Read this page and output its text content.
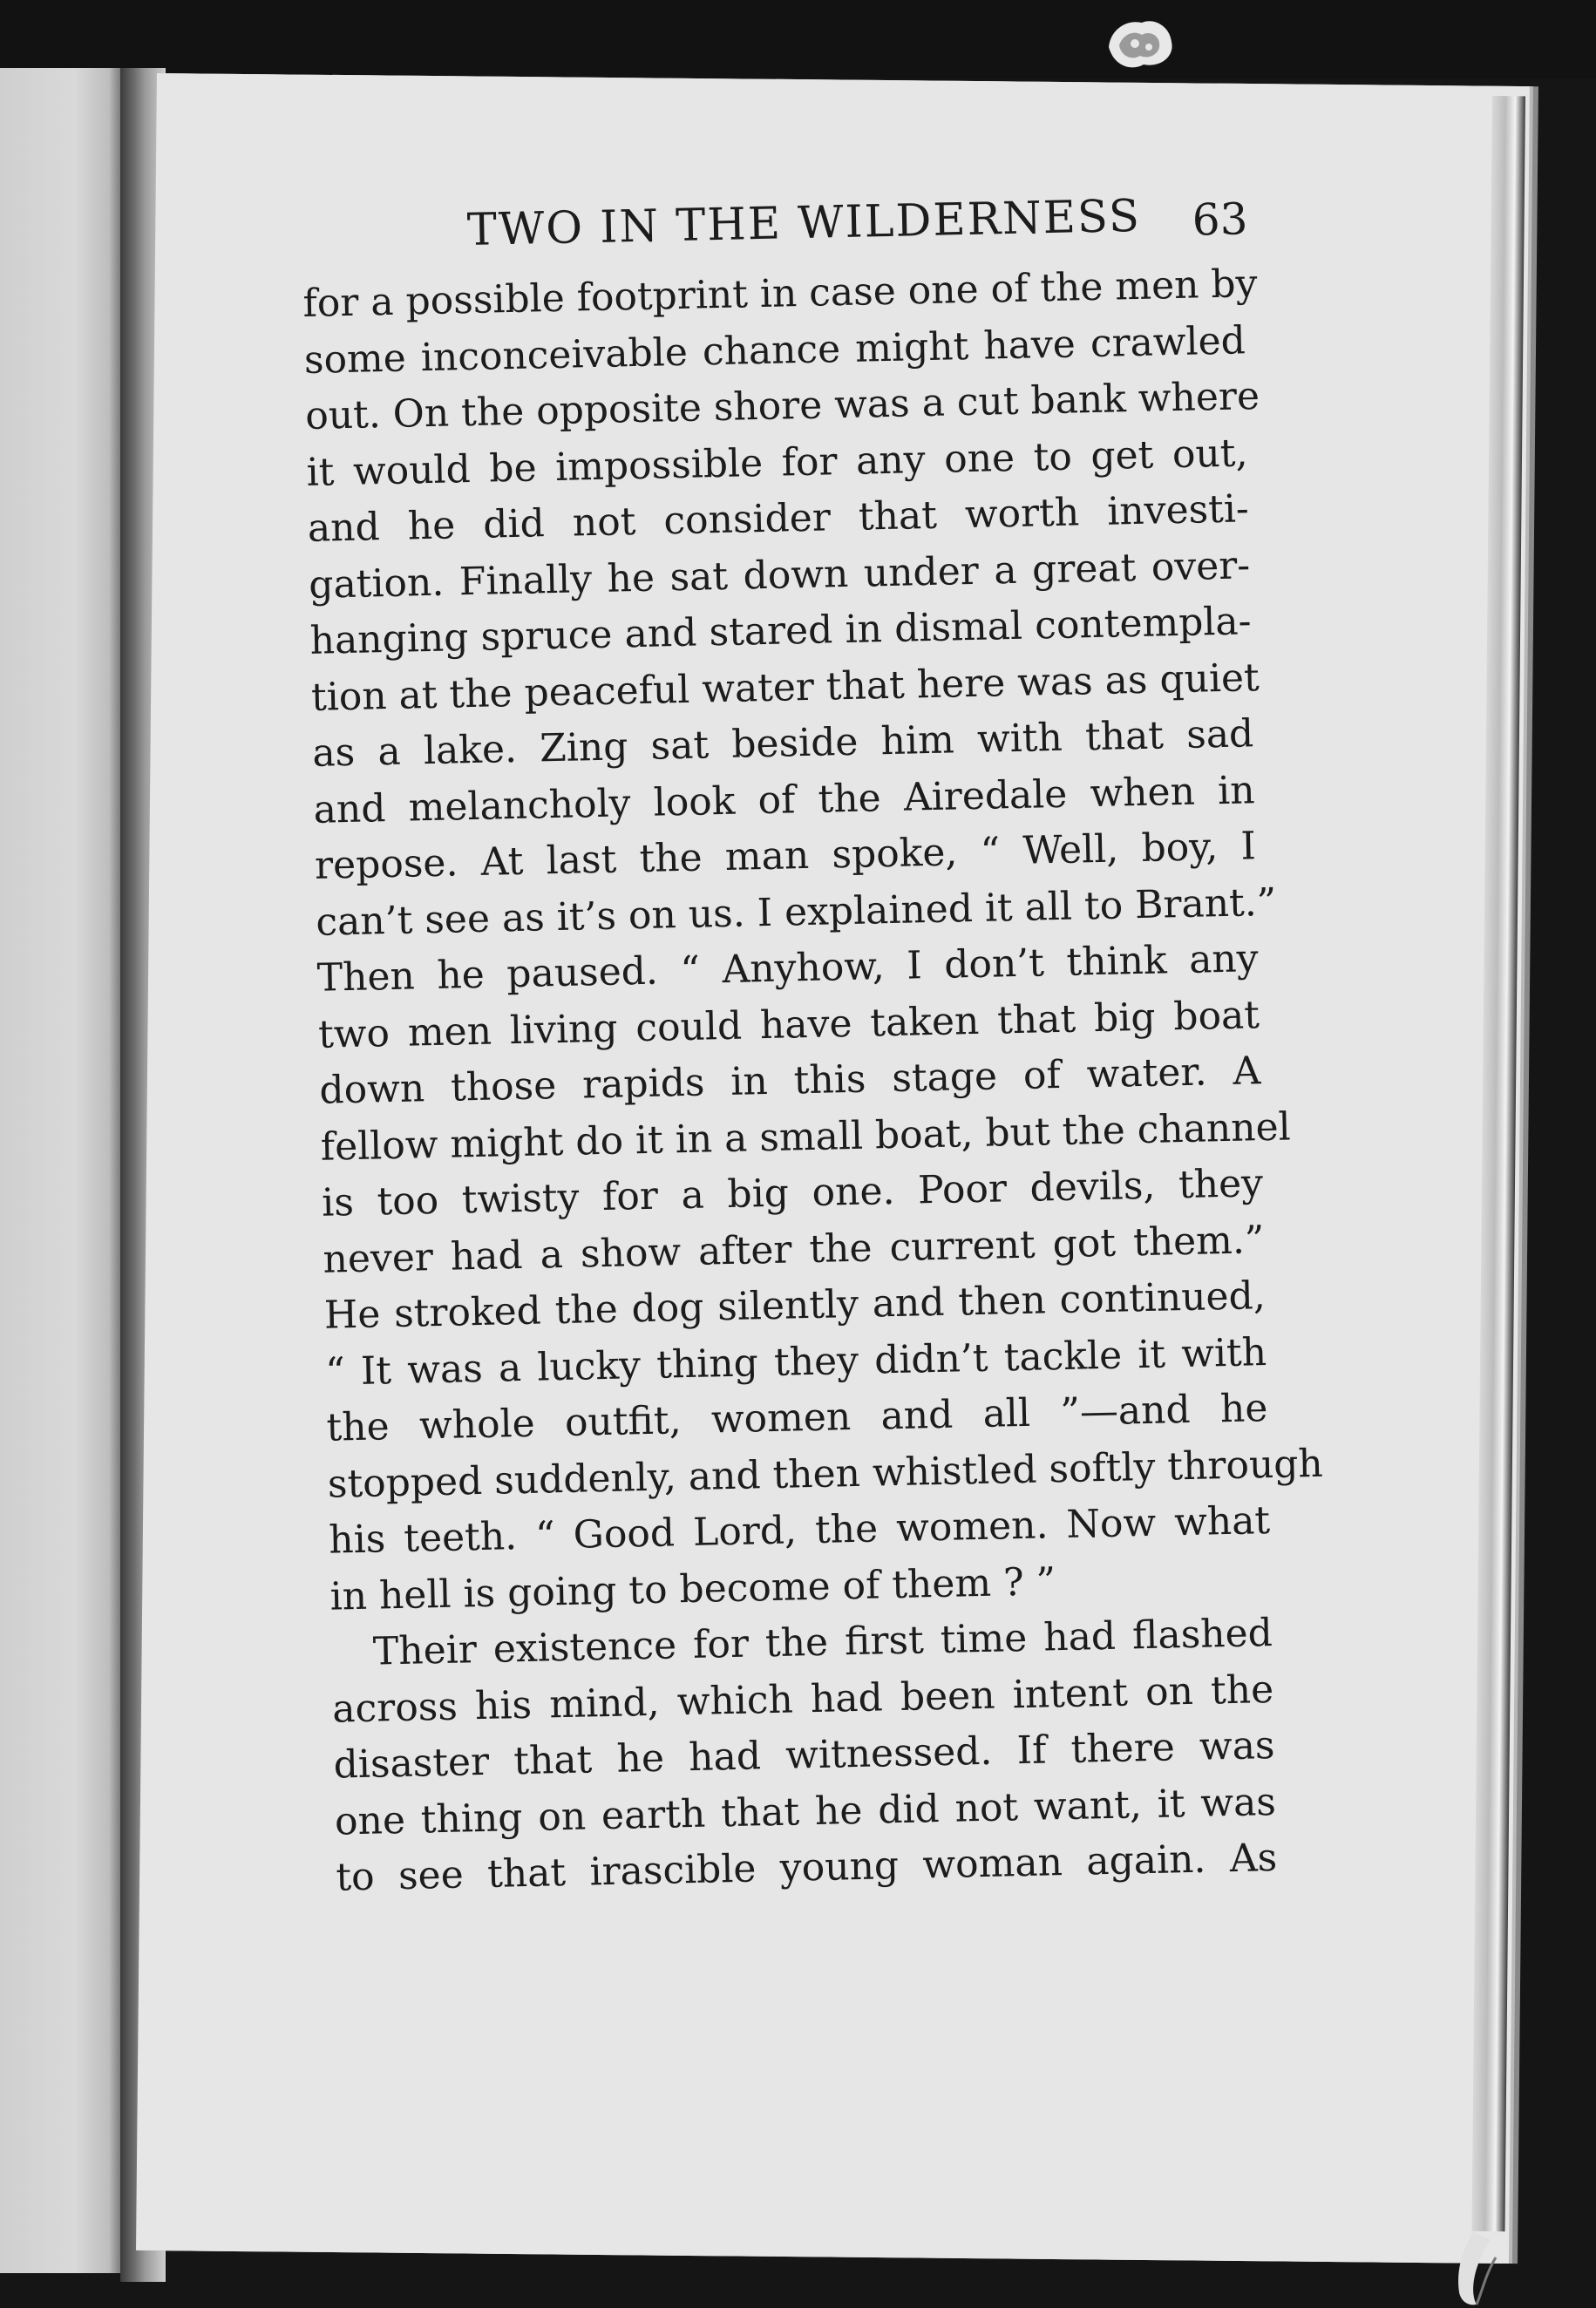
TWO IN THE WILDERNESS 63
for a possible footprint in case one of the men by
some inconceivable chance might have crawled
out. On the opposite shore was a cut bank where
it would be impossible for any one to get out,
and he did not consider that worth investi-
gation. Finally he sat down under a great over-
hanging spruce and stared in dismal contempla-
tion at the peaceful water that here was as quiet
as a lake. Zing sat beside him with that sad
and melancholy look of the Airedale when in
repose. At last the man spoke, “ Well, boy, I
can’t see as it’s on us. I explained it all to Brant.”
Then he paused. “ Anyhow, I don’t think any
two men living could have taken that big boat
down those rapids in this stage of water. A
fellow might do it in a small boat, but the channel
is too twisty for a big one. Poor devils, they
never had a show after the current got them.”
He stroked the dog silently and then continued,
“ It was a lucky thing they didn’t tackle it with
the whole outfit, women and all ”—and he
stopped suddenly, and then whistled softly through
his teeth. “ Good Lord, the women. Now what
in hell is going to become of them ? ”
Their existence for the first time had flashed
across his mind, which had been intent on the
disaster that he had witnessed. If there was
one thing on earth that he did not want, it was
to see that irascible young woman again. As
